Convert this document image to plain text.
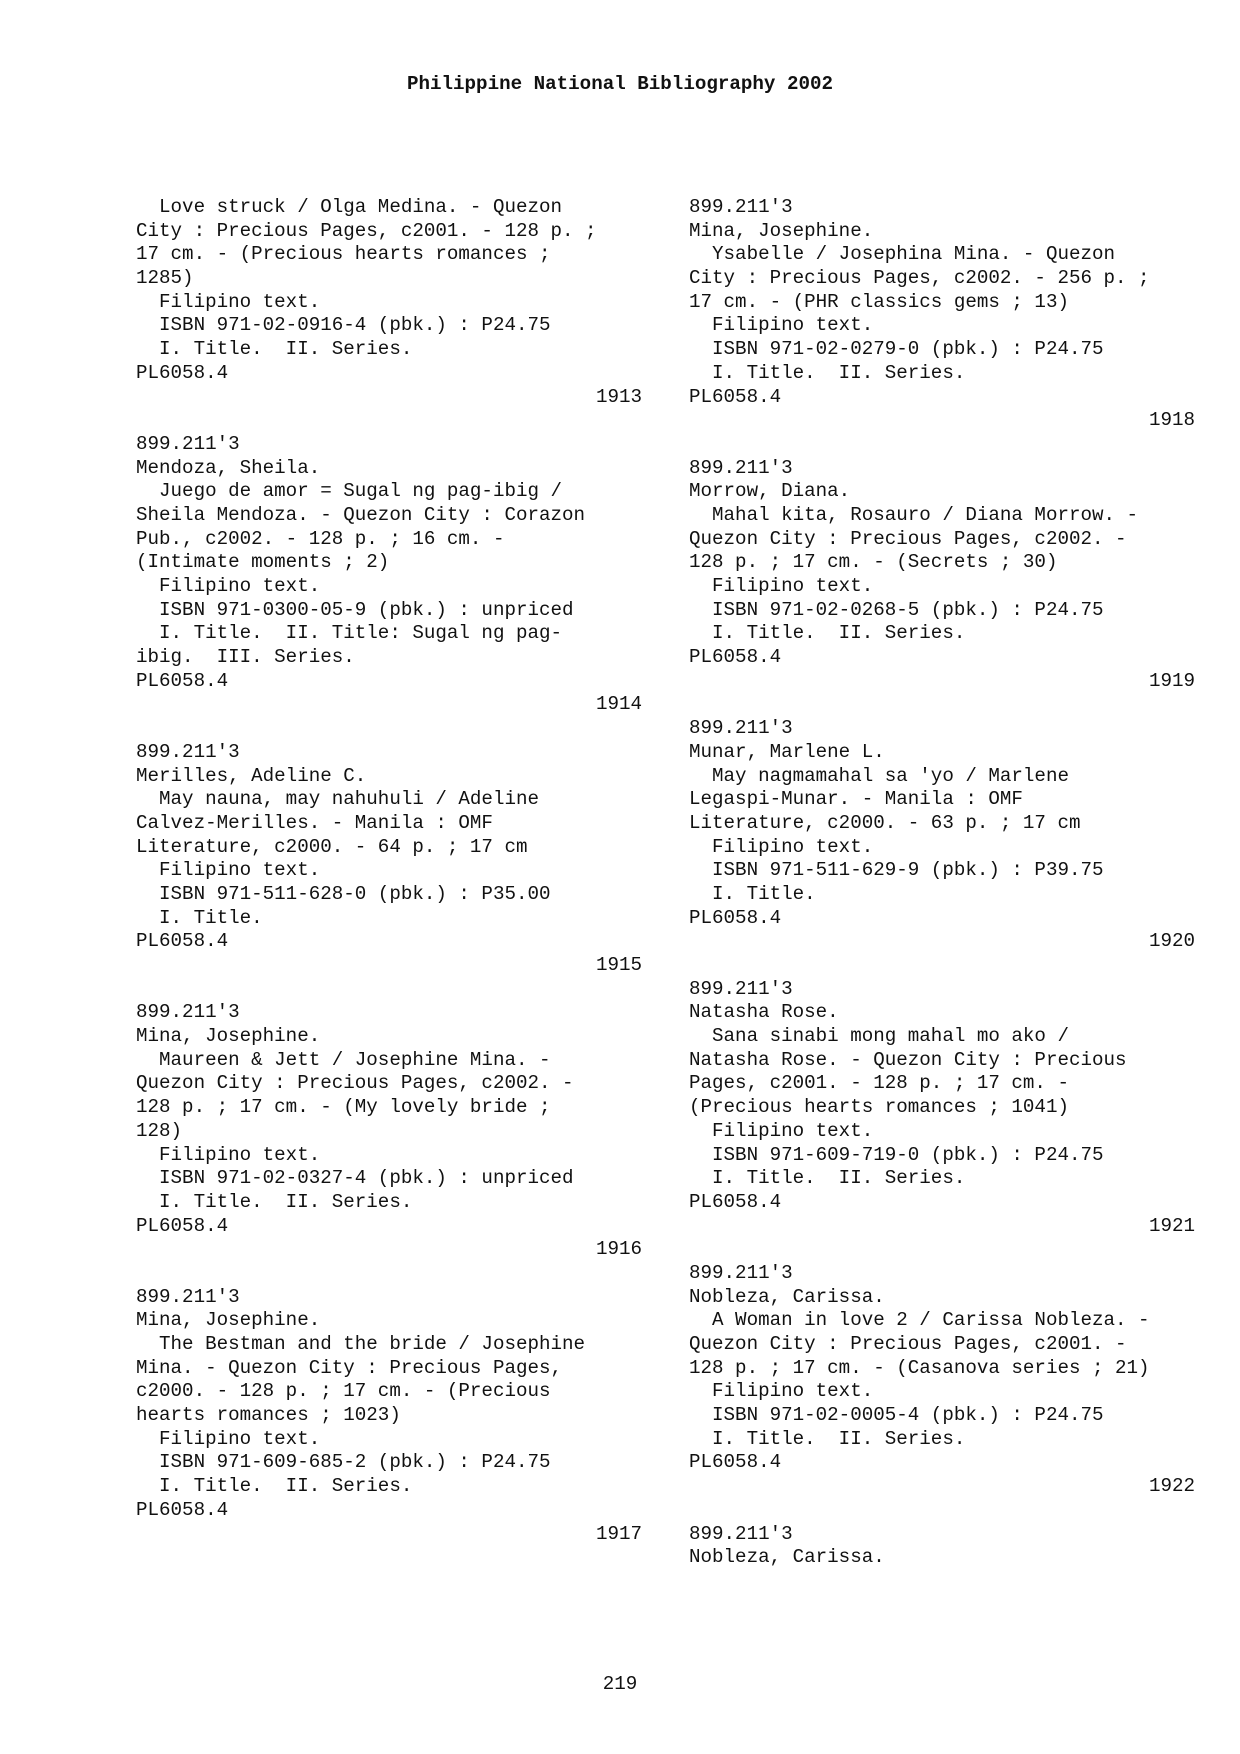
Philippine National Bibliography 2002
Love struck / Olga Medina. - Quezon
City : Precious Pages, c2001. - 128 p. ;
17 cm. - (Precious hearts romances ;
1285)
Filipino text.
ISBN 971-02-0916-4 (pbk.) : P24.75
I. Title.  II. Series.
PL6058.4
1913
899.211'3
Mendoza, Sheila.
Juego de amor = Sugal ng pag-ibig /
Sheila Mendoza. - Quezon City : Corazon
Pub., c2002. - 128 p. ; 16 cm. -
(Intimate moments ; 2)
Filipino text.
ISBN 971-0300-05-9 (pbk.) : unpriced
I. Title.  II. Title: Sugal ng pag-
ibig.  III. Series.
PL6058.4
1914
899.211'3
Merilles, Adeline C.
May nauna, may nahuhuli / Adeline
Calvez-Merilles. - Manila : OMF
Literature, c2000. - 64 p. ; 17 cm
Filipino text.
ISBN 971-511-628-0 (pbk.) : P35.00
I. Title.
PL6058.4
1915
899.211'3
Mina, Josephine.
Maureen & Jett / Josephine Mina. -
Quezon City : Precious Pages, c2002. -
128 p. ; 17 cm. - (My lovely bride ;
128)
Filipino text.
ISBN 971-02-0327-4 (pbk.) : unpriced
I. Title.  II. Series.
PL6058.4
1916
899.211'3
Mina, Josephine.
The Bestman and the bride / Josephine
Mina. - Quezon City : Precious Pages,
c2000. - 128 p. ; 17 cm. - (Precious
hearts romances ; 1023)
Filipino text.
ISBN 971-609-685-2 (pbk.) : P24.75
I. Title.  II. Series.
PL6058.4
1917
899.211'3
Mina, Josephine.
Ysabelle / Josephina Mina. - Quezon
City : Precious Pages, c2002. - 256 p. ;
17 cm. - (PHR classics gems ; 13)
Filipino text.
ISBN 971-02-0279-0 (pbk.) : P24.75
I. Title.  II. Series.
PL6058.4
1918
899.211'3
Morrow, Diana.
Mahal kita, Rosauro / Diana Morrow. -
Quezon City : Precious Pages, c2002. -
128 p. ; 17 cm. - (Secrets ; 30)
Filipino text.
ISBN 971-02-0268-5 (pbk.) : P24.75
I. Title.  II. Series.
PL6058.4
1919
899.211'3
Munar, Marlene L.
May nagmamahal sa 'yo / Marlene
Legaspi-Munar. - Manila : OMF
Literature, c2000. - 63 p. ; 17 cm
Filipino text.
ISBN 971-511-629-9 (pbk.) : P39.75
I. Title.
PL6058.4
1920
899.211'3
Natasha Rose.
Sana sinabi mong mahal mo ako /
Natasha Rose. - Quezon City : Precious
Pages, c2001. - 128 p. ; 17 cm. -
(Precious hearts romances ; 1041)
Filipino text.
ISBN 971-609-719-0 (pbk.) : P24.75
I. Title.  II. Series.
PL6058.4
1921
899.211'3
Nobleza, Carissa.
A Woman in love 2 / Carissa Nobleza. -
Quezon City : Precious Pages, c2001. -
128 p. ; 17 cm. - (Casanova series ; 21)
Filipino text.
ISBN 971-02-0005-4 (pbk.) : P24.75
I. Title.  II. Series.
PL6058.4
1922
899.211'3
Nobleza, Carissa.
219
